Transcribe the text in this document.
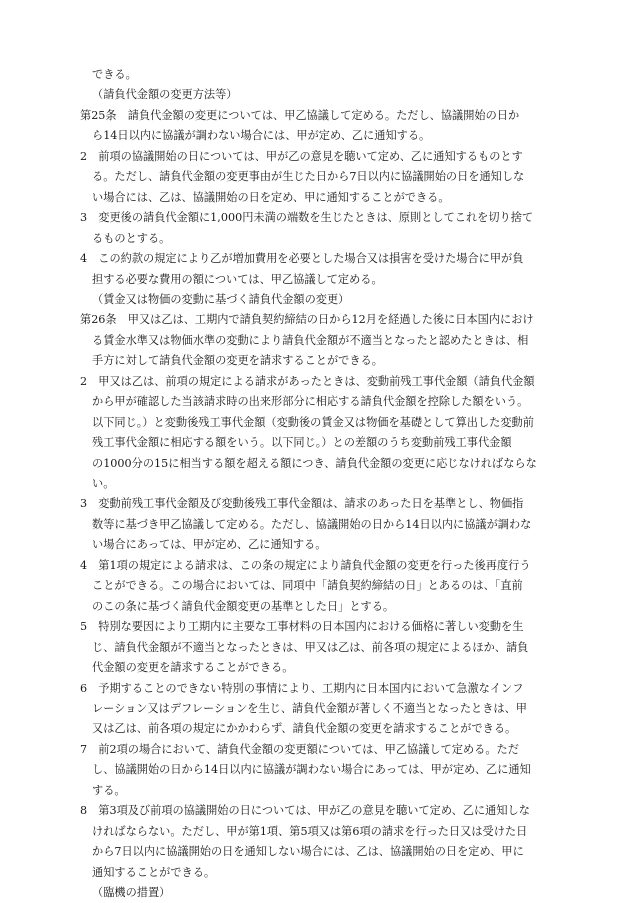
できる。
（請負代金額の変更方法等）
第25条　請負代金額の変更については、甲乙協議して定める。ただし、協議開始の日か
ら14日以内に協議が調わない場合には、甲が定め、乙に通知する。
2　前項の協議開始の日については、甲が乙の意見を聴いて定め、乙に通知するものとす
る。ただし、請負代金額の変更事由が生じた日から7日以内に協議開始の日を通知しな
い場合には、乙は、協議開始の日を定め、甲に通知することができる。
3　変更後の請負代金額に1,000円未満の端数を生じたときは、原則としてこれを切り捨て
るものとする。
4　この約款の規定により乙が増加費用を必要とした場合又は損害を受けた場合に甲が負
担する必要な費用の額については、甲乙協議して定める。
（賃金又は物価の変動に基づく請負代金額の変更）
第26条　甲又は乙は、工期内で請負契約締結の日から12月を経過した後に日本国内におけ
る賃金水準又は物価水準の変動により請負代金額が不適当となったと認めたときは、相
手方に対して請負代金額の変更を請求することができる。
2　甲又は乙は、前項の規定による請求があったときは、変動前残工事代金額（請負代金額
から甲が確認した当該請求時の出来形部分に相応する請負代金額を控除した額をいう。
以下同じ。）と変動後残工事代金額（変動後の賃金又は物価を基礎として算出した変動前
残工事代金額に相応する額をいう。以下同じ。）との差額のうち変動前残工事代金額
の1000分の15に相当する額を超える額につき、請負代金額の変更に応じなければならな
い。
3　変動前残工事代金額及び変動後残工事代金額は、請求のあった日を基準とし、物価指
数等に基づき甲乙協議して定める。ただし、協議開始の日から14日以内に協議が調わな
い場合にあっては、甲が定め、乙に通知する。
4　第1項の規定による請求は、この条の規定により請負代金額の変更を行った後再度行う
ことができる。この場合においては、同項中「請負契約締結の日」とあるのは、「直前
のこの条に基づく請負代金額変更の基準とした日」とする。
5　特別な要因により工期内に主要な工事材料の日本国内における価格に著しい変動を生
じ、請負代金額が不適当となったときは、甲又は乙は、前各項の規定によるほか、請負
代金額の変更を請求することができる。
6　予期することのできない特別の事情により、工期内に日本国内において急激なインフ
レーション又はデフレーションを生じ、請負代金額が著しく不適当となったときは、甲
又は乙は、前各項の規定にかかわらず、請負代金額の変更を請求することができる。
7　前2項の場合において、請負代金額の変更額については、甲乙協議して定める。ただ
し、協議開始の日から14日以内に協議が調わない場合にあっては、甲が定め、乙に通知
する。
8　第3項及び前項の協議開始の日については、甲が乙の意見を聴いて定め、乙に通知しな
ければならない。ただし、甲が第1項、第5項又は第6項の請求を行った日又は受けた日
から7日以内に協議開始の日を通知しない場合には、乙は、協議開始の日を定め、甲に
通知することができる。
（臨機の措置）
